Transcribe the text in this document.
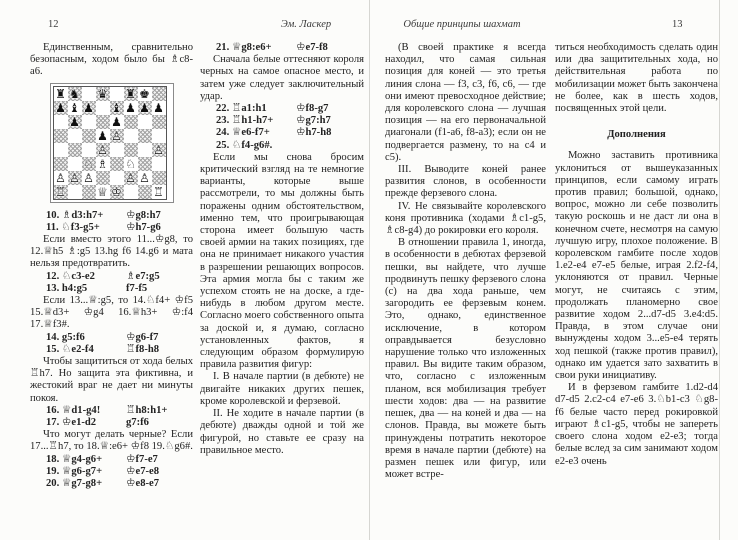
12	Эм. Ласкер	Общие принципы шахмат	13

Единственным, сравнительно безопасным, ходом было бы ♗c8-a6.

♜ ♞ ♛ ♜ ♚
♟ ♝ ♟ ♝ ♟ ♟ ♟
♟	♟
♟ ♙
♙	♙
♘ ♗ ♘
♙ ♙ ♙	♙ ♙
♖	♕ ♔	♖
10. ♗d3:h7+	♔g8:h7
11. ♘f3-g5+	♔h7-g6

Если вместо этого 11...♔g8, то 12.♕h5 ♗:g5 13.hg f6 14.g6 и мата нельзя предотвратить.

12. ♘c3-e2	♗e7:g5
13. h4:g5	f7-f5

Если 13...♕:g5, то 14.♘f4+ ♔f5 15.♕d3+ ♔g4 16.♕h3+ ♔:f4 17.♕f3#.

14. g5:f6	♔g6-f7
15. ♘e2-f4	♖f8-h8

Чтобы защититься от хода белых ♖h7. Но защита эта фиктивна, и жестокий враг не дает ни минуты покоя.

16. ♕d1-g4!	♖h8:h1+
17. ♔e1-d2	g7:f6

Что могут делать черные? Если 17...♖h7, то 18.♕:e6+ ♔f8 19.♘g6#.

18. ♕g4-g6+	♔f7-e7
19. ♕g6-g7+	♔e7-e8
20. ♕g7-g8+	♔e8-e7
21. ♕g8:e6+	♔e7-f8

Сначала белые оттесняют короля черных на самое опасное место, и затем уже следует заключительный удар.

22. ♖a1:h1	♔f8-g7
23. ♖h1-h7+	♔g7:h7
24. ♕e6-f7+	♔h7-h8
25. ♘f4-g6#.

Если мы снова бросим критический взгляд на те немногие варианты, которые выше рассмотрели, то мы должны быть поражены одним обстоятельством, именно тем, что проигрывающая сторона имеет большую часть своей армии на таких позициях, где она не принимает никакого участия в разрешении решающих вопросов. Эта армия могла бы с таким же успехом стоять не на доске, а где-нибудь в любом другом месте. Согласно моего собственного опыта за доской и, я думаю, согласно установленных фактов, я следующим образом формулирую правила развития фигур:

I. В начале партии (в дебюте) не двигайте никаких других пешек, кроме королевской и ферзевой.

II. Не ходите в начале партии (в дебюте) дважды одной и той же фигурой, но ставьте ее сразу на правильное место.

(В своей практике я всегда находил, что самая сильная позиция для коней — это третья линия слона — f3, c3, f6, c6, — где они имеют превосходное действие; для королевского слона — лучшая позиция — на его первоначальной диагонали (f1-a6, f8-a3); если он не подвергается размену, то на c4 и c5).

III. Выводите коней ранее развития слонов, в особенности прежде ферзевого слона.

IV. Не связывайте королевского коня противника (ходами ♗c1-g5, ♗c8-g4) до рокировки его короля.

В отношении правила 1, иногда, в особенности в дебютах ферзевой пешки, вы найдете, что лучше продвинуть пешку ферзевого слона (c) на два хода раньше, чем загородить ее ферзевым конем. Это, однако, единственное исключение, в котором оправдывается безусловно нарушение только что изложенных правил. Вы видите таким образом, что, согласно с изложенным планом, вся мобилизация требует шести ходов: два — на развитие пешек, два — на коней и два — на слонов. Правда, вы можете быть принуждены потратить некоторое время в начале партии (дебюте) на размен пешек или фигур, или может встре-

титься необходимость сделать один или два защитительных хода, но действительная работа по мобилизации может быть закончена не более, как в шесть ходов, посвященных этой цели.

Дополнения

Можно заставить противника уклониться от вышеуказанных принципов, если самому играть против правил; большой, однако, вопрос, можно ли себе позволить такую роскошь и не даст ли она в конечном счете, несмотря на самую лучшую игру, плохое положение. В королевском гамбите после ходов 1.e2-e4 e7-e5 белые, играя 2.f2-f4, уклоняются от правил. Черные могут, не считаясь с этим, продолжать планомерно свое развитие ходом 2...d7-d5 3.e4:d5. Правда, в этом случае они вынуждены ходом 3...e5-e4 терять ход пешкой (также против правил), однако им удается зато захватить в свои руки инициативу.

И в ферзевом гамбите 1.d2-d4 d7-d5 2.c2-c4 e7-e6 3.♘b1-c3 ♘g8-f6 белые часто перед рокировкой играют ♗c1-g5, чтобы не запереть своего слона ходом e2-e3; тогда белые вслед за сим занимают ходом e2-e3 очень
